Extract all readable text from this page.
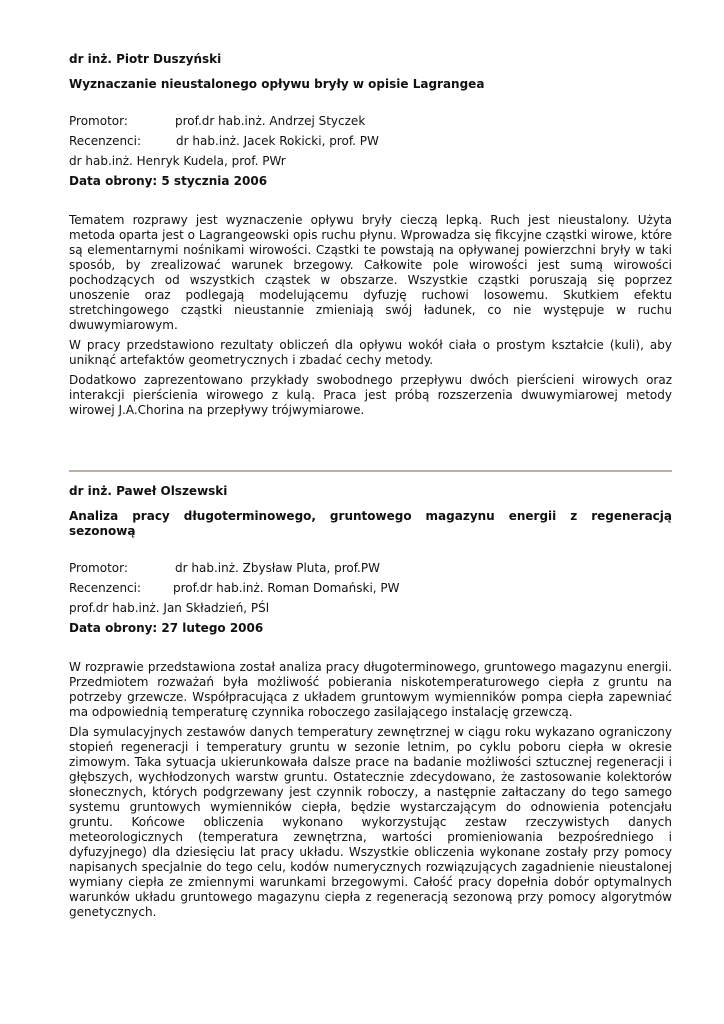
dr inż. Piotr Duszyński

Wyznaczanie nieustalonego opływu bryły w opisie Lagrangea

Promotor:	prof.dr hab.inż. Andrzej Styczek

Recenzenci:	dr hab.inż. Jacek Rokicki, prof. PW

dr hab.inż. Henryk Kudela, prof. PWr

Data obrony: 5 stycznia 2006

Tematem rozprawy jest wyznaczenie opływu bryły cieczą lepką. Ruch jest nieustalony. Użyta metoda oparta jest o Lagrangeowski opis ruchu płynu. Wprowadza się fikcyjne cząstki wirowe, które są elementarnymi nośnikami wirowości. Cząstki te powstają na opływanej powierzchni bryły w taki sposób, by zrealizować warunek brzegowy. Całkowite pole wirowości jest sumą wirowości pochodzących od wszystkich cząstek w obszarze. Wszystkie cząstki poruszają się poprzez unoszenie oraz podlegają modelującemu dyfuzję ruchowi losowemu. Skutkiem efektu stretchingowego cząstki nieustannie zmieniają swój ładunek, co nie występuje w ruchu dwuwymiarowym.

W pracy przedstawiono rezultaty obliczeń dla opływu wokół ciała o prostym kształcie (kuli), aby uniknąć artefaktów geometrycznych i zbadać cechy metody.

Dodatkowo zaprezentowano przykłady swobodnego przepływu dwóch pierścieni wirowych oraz interakcji pierścienia wirowego z kulą. Praca jest próbą rozszerzenia dwuwymiarowej metody wirowej J.A.Chorina na przepływy trójwymiarowe.

dr inż. Paweł Olszewski

Analiza pracy długoterminowego, gruntowego magazynu energii z regeneracją sezonową

Promotor:	dr hab.inż. Zbysław Pluta, prof.PW

Recenzenci:	prof.dr hab.inż. Roman Domański, PW

prof.dr hab.inż. Jan Składzień, PŚl

Data obrony: 27 lutego 2006

W rozprawie przedstawiona został analiza pracy długoterminowego, gruntowego magazynu energii. Przedmiotem rozważań była możliwość pobierania niskotemperaturowego ciepła z gruntu na potrzeby grzewcze. Współpracująca z układem gruntowym wymienników pompa ciepła zapewniać ma odpowiednią temperaturę czynnika roboczego zasilającego instalację grzewczą.

Dla symulacyjnych zestawów danych temperatury zewnętrznej w ciągu roku wykazano ograniczony stopień regeneracji i temperatury gruntu w sezonie letnim, po cyklu poboru ciepła w okresie zimowym. Taka sytuacja ukierunkowała dalsze prace na badanie możliwości sztucznej regeneracji i głębszych, wychłodzonych warstw gruntu. Ostatecznie zdecydowano, że zastosowanie kolektorów słonecznych, których podgrzewany jest czynnik roboczy, a następnie załtaczany do tego samego systemu gruntowych wymienników ciepła, będzie wystarczającym do odnowienia potencjału gruntu. Końcowe obliczenia wykonano wykorzystując zestaw rzeczywistych danych meteorologicznych (temperatura zewnętrzna, wartości promieniowania bezpośredniego i dyfuzyjnego) dla dziesięciu lat pracy układu. Wszystkie obliczenia wykonane zostały przy pomocy napisanych specjalnie do tego celu, kodów numerycznych rozwiązujących zagadnienie nieustalonej wymiany ciepła ze zmiennymi warunkami brzegowymi. Całość pracy dopełnia dobór optymalnych warunków układu gruntowego magazynu ciepła z regeneracją sezonową przy pomocy algorytmów genetycznych.
